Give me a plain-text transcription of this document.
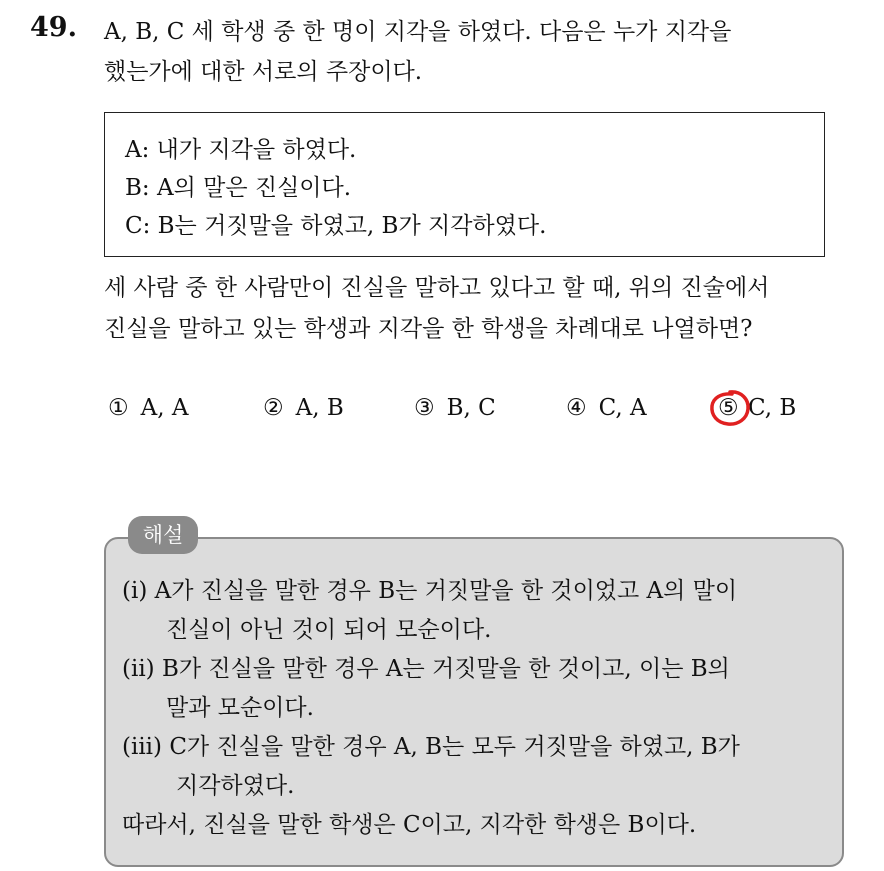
49. A, B, C 세 학생 중 한 명이 지각을 하였다. 다음은 누가 지각을
했는가에 대한 서로의 주장이다.
A: 내가 지각을 하였다.
B: A의 말은 진실이다.
C: B는 거짓말을 하였고, B가 지각하였다.
세 사람 중 한 사람만이 진실을 말하고 있다고 할 때, 위의 진술에서
진실을 말하고 있는 학생과 지각을 한 학생을 차례대로 나열하면?
① A, A	② A, B	③ B, C	④ C, A	⑤ C, B
해설
(i) A가 진실을 말한 경우 B는 거짓말을 한 것이었고 A의 말이
진실이 아닌 것이 되어 모순이다.
(ii) B가 진실을 말한 경우 A는 거짓말을 한 것이고, 이는 B의
말과 모순이다.
(iii) C가 진실을 말한 경우 A, B는 모두 거짓말을 하였고, B가
지각하였다.
따라서, 진실을 말한 학생은 C이고, 지각한 학생은 B이다.
